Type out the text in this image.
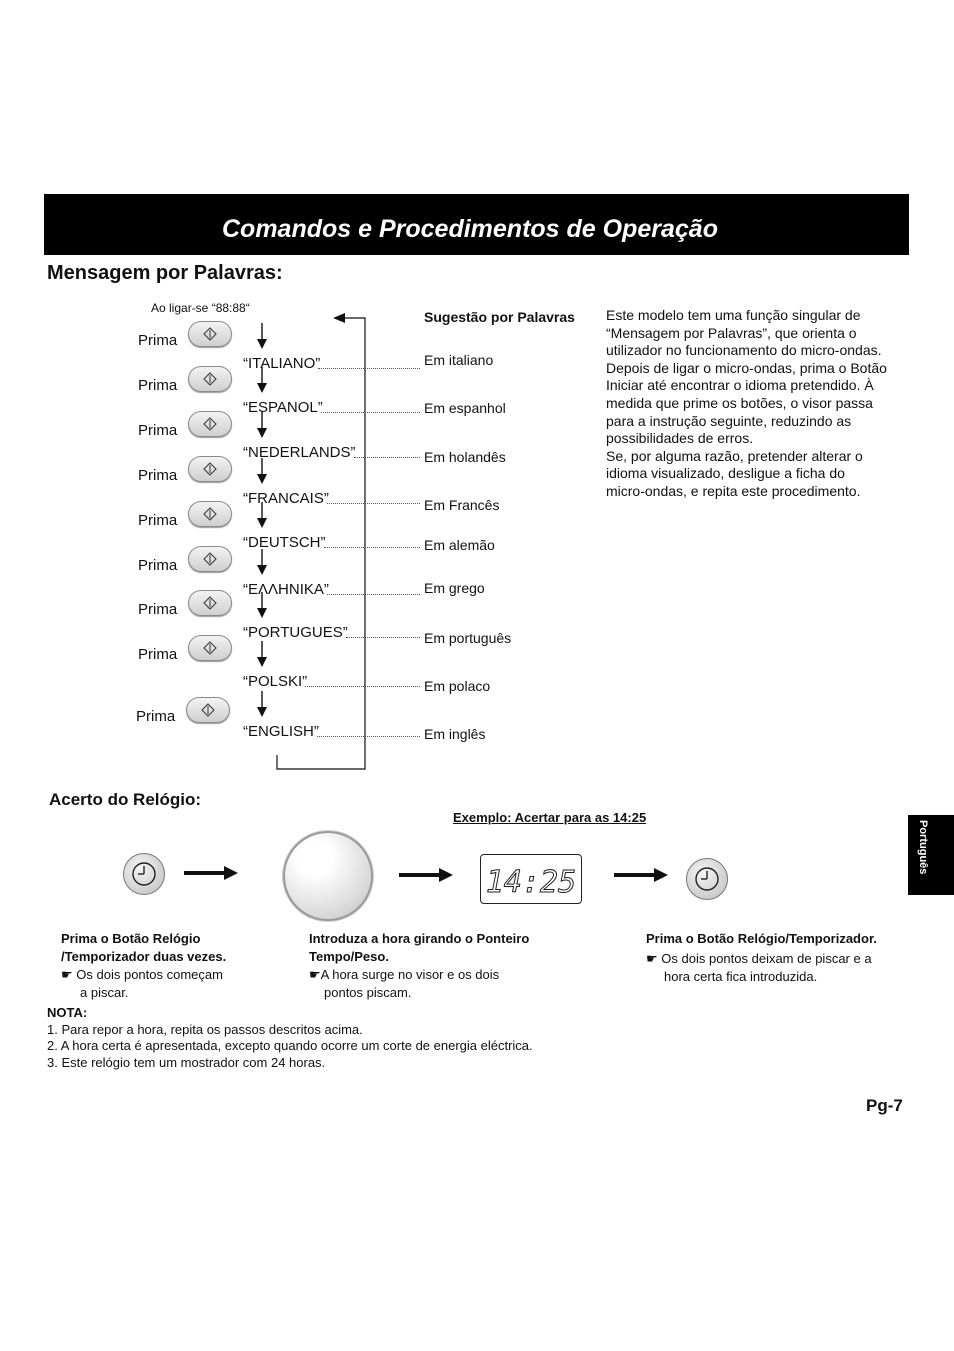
Comandos e Procedimentos de Operação
Mensagem por Palavras:
Ao ligar-se “88:88“
Sugestão por Palavras
Prima
“ITALIANO”	Em italiano
Prima
“ESPANOL”	Em espanhol
Prima
“NEDERLANDS”	Em holandês
Prima
“FRANCAIS”	Em Francês
Prima
“DEUTSCH”	Em alemão
Prima
“ΕΛΛΗΝΙΚΑ”	Em grego
Prima
“PORTUGUES”	Em português
Prima
“POLSKI”	Em polaco
Prima
“ENGLISH”	Em inglês
Este modelo tem uma função singular de
“Mensagem por Palavras”, que orienta o
utilizador no funcionamento do micro-ondas.
Depois de ligar o micro-ondas, prima o Botão
Iniciar até encontrar o idioma pretendido. À
medida que prime os botões, o visor passa
para a instrução seguinte, reduzindo as
possibilidades de erros.
Se, por alguma razão, pretender alterar o
idioma visualizado, desligue a ficha do
micro-ondas, e repita este procedimento.
Acerto do Relógio:
Exemplo: Acertar para as 14:25
14:25
Prima o Botão Relógio
/Temporizador duas vezes.
☛ Os dois pontos começam
a piscar.
Introduza a hora girando o Ponteiro
Tempo/Peso.
☛A hora surge no visor e os dois
pontos piscam.
Prima o Botão Relógio/Temporizador.
☛ Os dois pontos deixam de piscar e a
hora certa fica introduzida.
NOTA:
1. Para repor a hora, repita os passos descritos acima.
2. A hora certa é apresentada, excepto quando ocorre um corte de energia eléctrica.
3. Este relógio tem um mostrador com 24 horas.
Português
Pg-7
